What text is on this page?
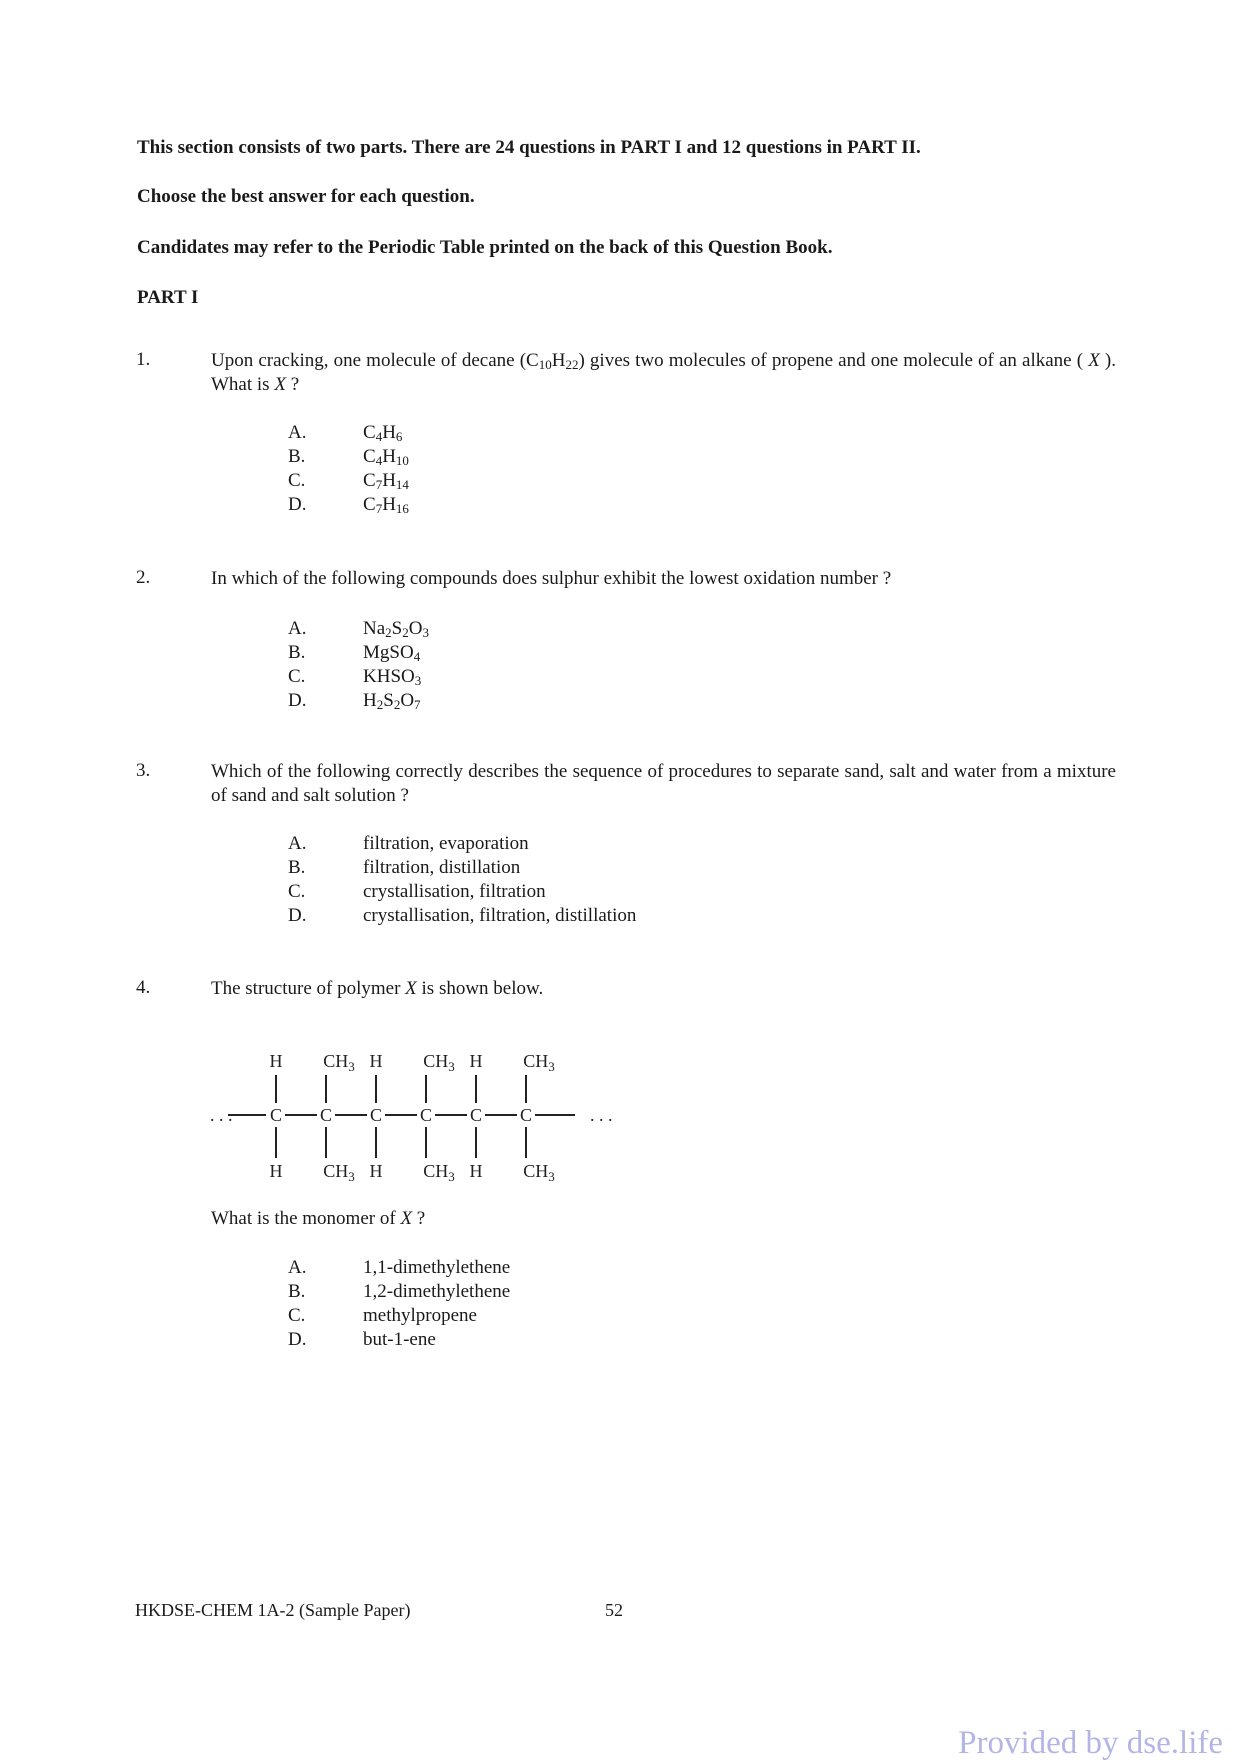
This section consists of two parts. There are 24 questions in PART I and 12 questions in PART II.
Choose the best answer for each question.
Candidates may refer to the Periodic Table printed on the back of this Question Book.
PART I
1.	Upon cracking, one molecule of decane $(C_{10}H_{22})$ gives two molecules of propene and one molecule of an alkane ( X ). What is X ?
A.	$C_4H_6$
B.	$C_4H_{10}$
C.	$C_7H_{14}$
D.	$C_7H_{16}$
2.	In which of the following compounds does sulphur exhibit the lowest oxidation number ?
A.	$Na_2S_2O_3$
B.	MgSO$_4$
C.	$KHSO_3$
D.	$H_2S_2O_7$
3.	Which of the following correctly describes the sequence of procedures to separate sand, salt and water from a mixture of sand and salt solution ?
A.	filtration, evaporation
B.	filtration, distillation
C.	crystallisation, filtration
D.	crystallisation, filtration, distillation
4.	The structure of polymer X is shown below.
. . .	. . .
C
H
H
C
$CH_3$
$CH_3$
C
H
H
C
$CH_3$
$CH_3$
C
H
H
C
$CH_3$
$CH_3$
What is the monomer of X ?
A.	1,1-dimethylethene
B.	1,2-dimethylethene
C.	methylpropene
D.	but-1-ene
HKDSE-CHEM 1A-2 (Sample Paper)	52
Provided by dse.life
